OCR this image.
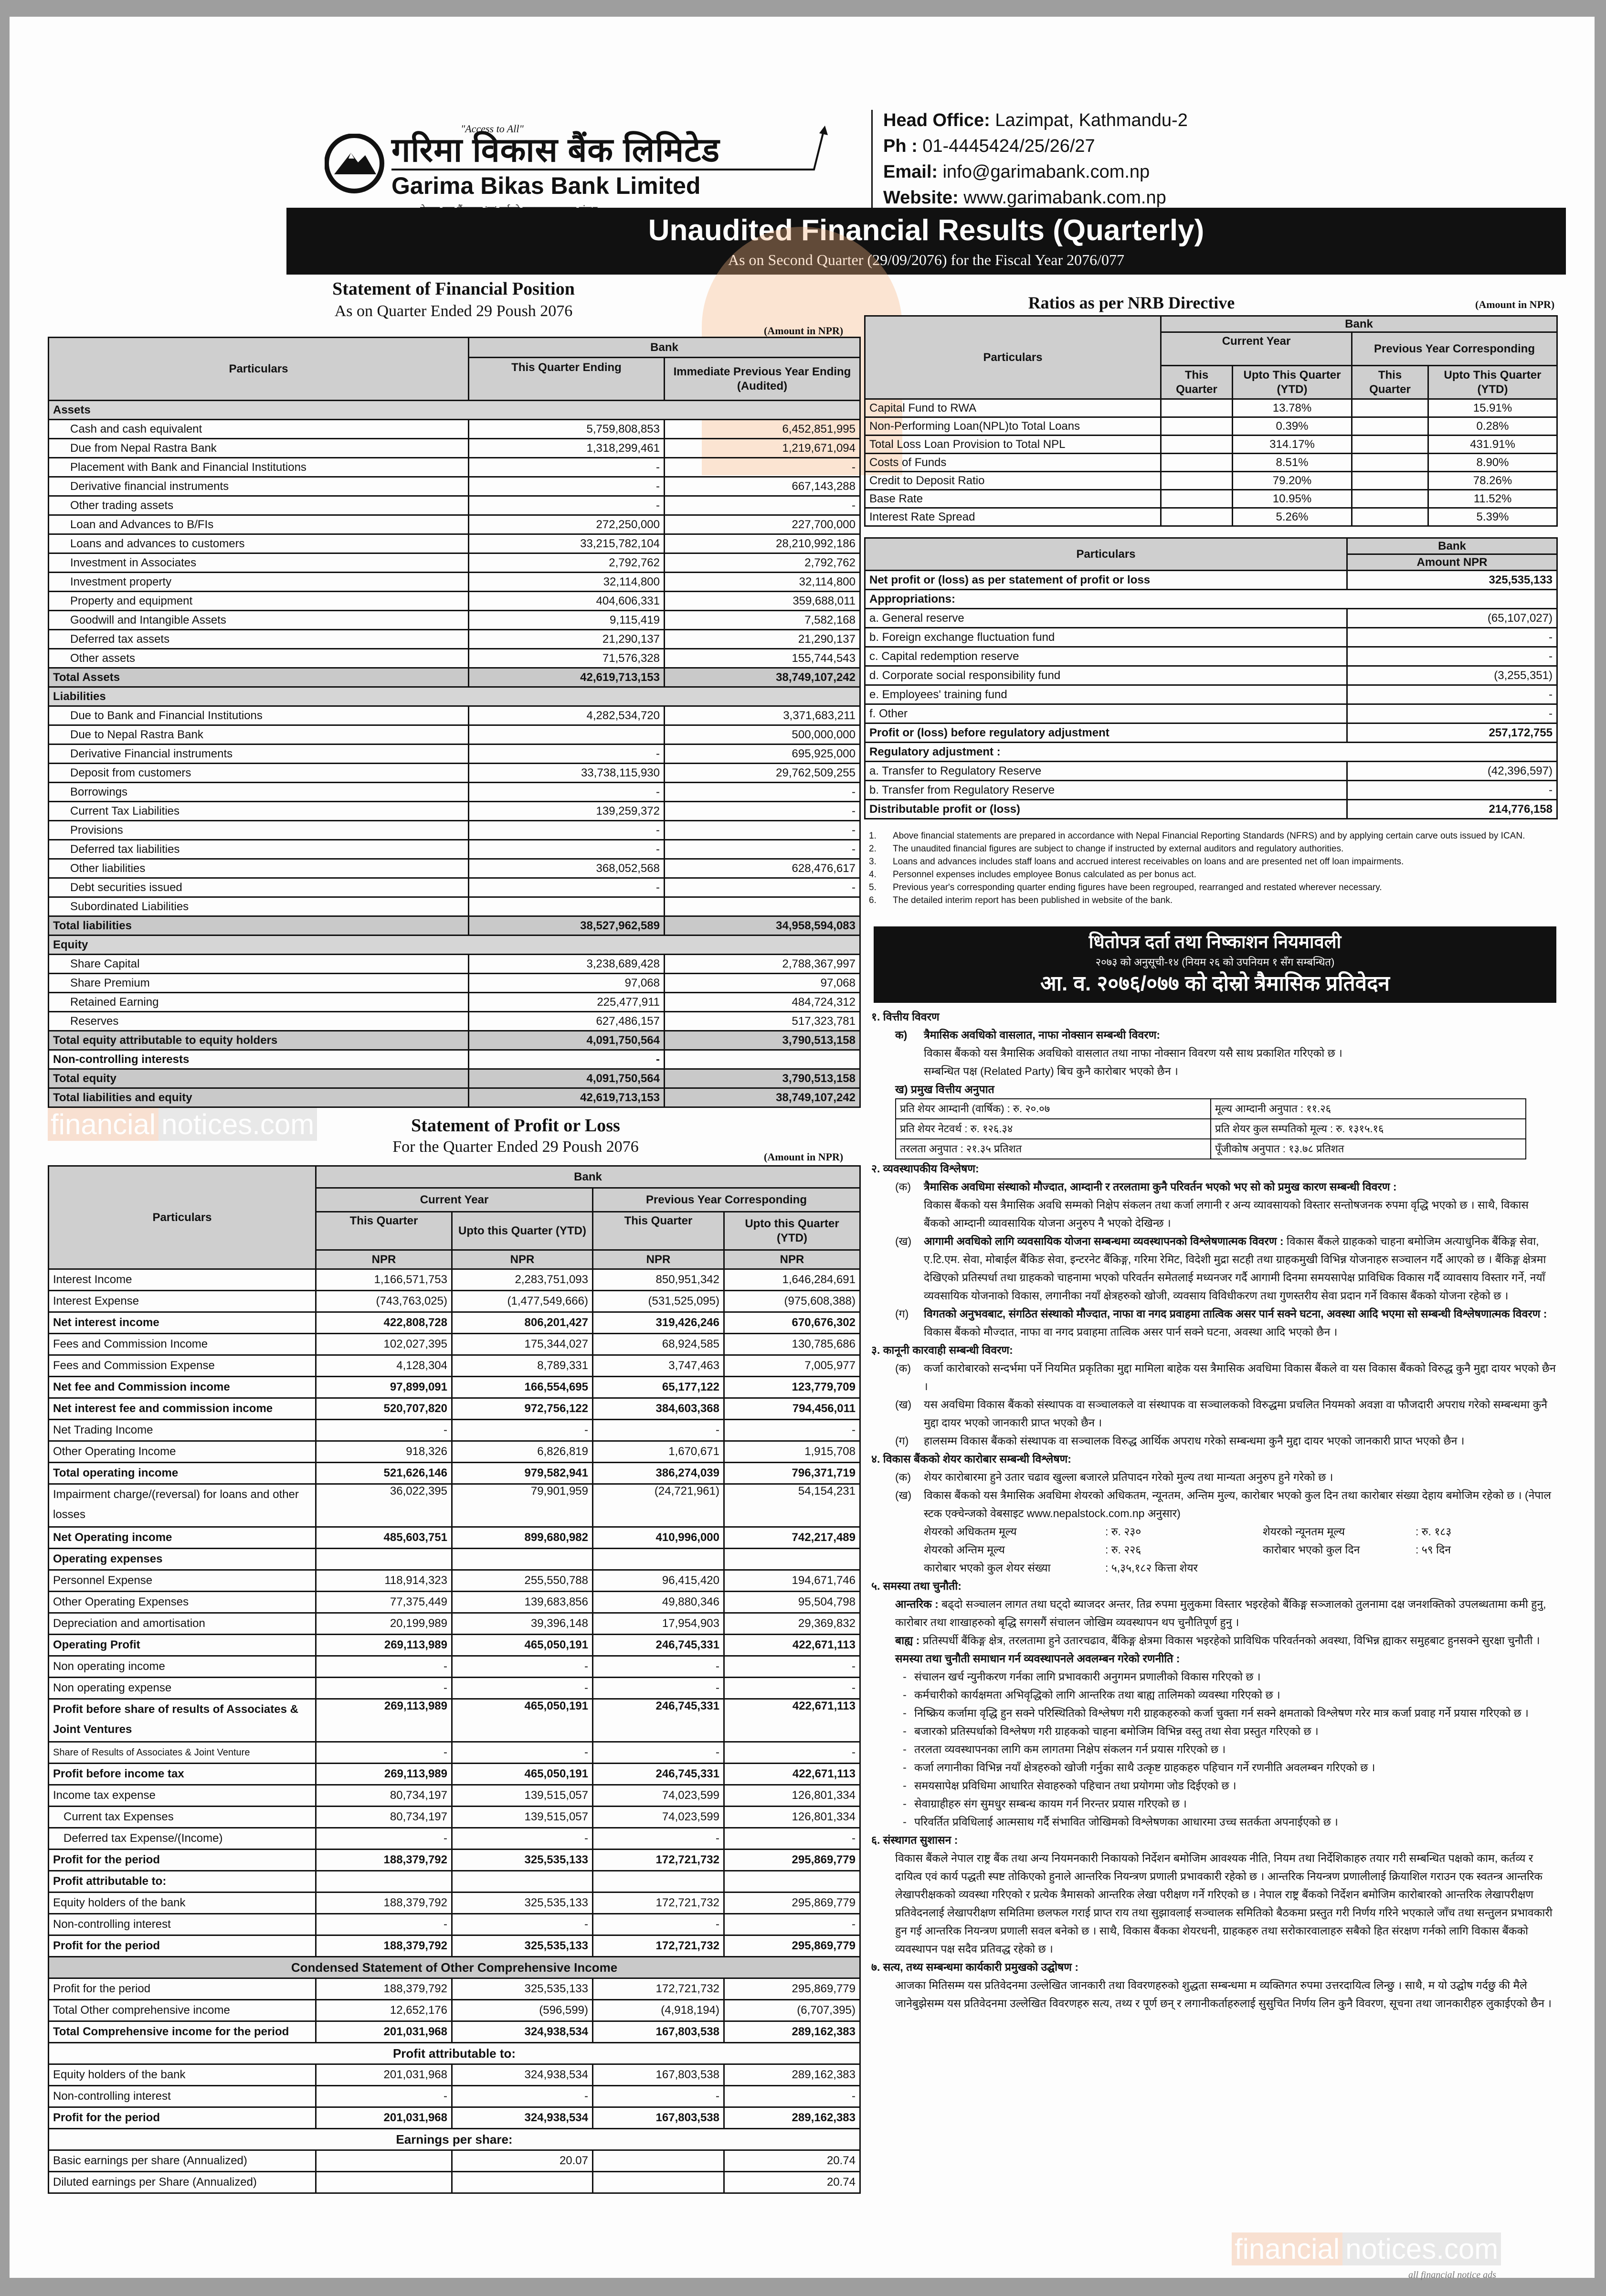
"Access to All"
गरिमा विकास बैंक लिमिटेड
Garima Bikas Bank Limited
Head Office: Lazimpat, Kathmandu-2
Ph : 01-4445424/25/26/27
Email: info@garimabank.com.np
Website: www.garimabank.com.np
Unaudited Financial Results (Quarterly)
As on Second Quarter (29/09/2076) for the Fiscal Year 2076/077
Statement of Financial Position
As on Quarter Ended 29 Poush 2076
(Amount in NPR)
Particulars	Bank
This Quarter Ending	Immediate Previous Year Ending (Audited)
Assets
Cash and cash equivalent	5,759,808,853	6,452,851,995
Due from Nepal Rastra Bank	1,318,299,461	1,219,671,094
Placement with Bank and Financial Institutions	-	-
Derivative financial instruments	-	667,143,288
Other trading assets	-	-
Loan and Advances to B/FIs	272,250,000	227,700,000
Loans and advances to customers	33,215,782,104	28,210,992,186
Investment in Associates	2,792,762	2,792,762
Investment property	32,114,800	32,114,800
Property and equipment	404,606,331	359,688,011
Goodwill and Intangible Assets	9,115,419	7,582,168
Deferred tax assets	21,290,137	21,290,137
Other assets	71,576,328	155,744,543
Total Assets	42,619,713,153	38,749,107,242
Liabilities
Due to Bank and Financial Institutions	4,282,534,720	3,371,683,211
Due to Nepal Rastra Bank		500,000,000
Derivative Financial instruments	-	695,925,000
Deposit from customers	33,738,115,930	29,762,509,255
Borrowings	-	-
Current Tax Liabilities	139,259,372	-
Provisions	-	-
Deferred tax liabilities	-	-
Other liabilities	368,052,568	628,476,617
Debt securities issued	-	-
Subordinated Liabilities		
Total liabilities	38,527,962,589	34,958,594,083
Equity
Share Capital	3,238,689,428	2,788,367,997
Share Premium	97,068	97,068
Retained Earning	225,477,911	484,724,312
Reserves	627,486,157	517,323,781
Total equity attributable to equity holders	4,091,750,564	3,790,513,158
Non-controlling interests	-	
Total equity	4,091,750,564	3,790,513,158
Total liabilities and equity	42,619,713,153	38,749,107,242
financial notices.com	Statement of Profit or Loss
For the Quarter Ended 29 Poush 2076
(Amount in NPR)
Particulars	Bank
Current Year	Previous Year Corresponding
This Quarter	Upto this Quarter (YTD)	This Quarter	Upto this Quarter (YTD)
NPR	NPR	NPR	NPR
Interest Income	1,166,571,753	2,283,751,093	850,951,342	1,646,284,691
Interest Expense	(743,763,025)	(1,477,549,666)	(531,525,095)	(975,608,388)
Net interest income	422,808,728	806,201,427	319,426,246	670,676,302
Fees and Commission Income	102,027,395	175,344,027	68,924,585	130,785,686
Fees and Commission Expense	4,128,304	8,789,331	3,747,463	7,005,977
Net fee and Commission income	97,899,091	166,554,695	65,177,122	123,779,709
Net interest fee and commission income	520,707,820	972,756,122	384,603,368	794,456,011
Net Trading Income	-	-	-	-
Other Operating Income	918,326	6,826,819	1,670,671	1,915,708
Total operating income	521,626,146	979,582,941	386,274,039	796,371,719
Impairment charge/(reversal) for loans and other losses	36,022,395	79,901,959	(24,721,961)	54,154,231
Net Operating income	485,603,751	899,680,982	410,996,000	742,217,489
Operating expenses				
Personnel Expense	118,914,323	255,550,788	96,415,420	194,671,746
Other Operating Expenses	77,375,449	139,683,856	49,880,346	95,504,798
Depreciation and amortisation	20,199,989	39,396,148	17,954,903	29,369,832
Operating Profit	269,113,989	465,050,191	246,745,331	422,671,113
Non operating income	-	-	-	-
Non operating expense	-	-	-	-
Profit before share of results of Associates & Joint Ventures	269,113,989	465,050,191	246,745,331	422,671,113
Share of Results of Associates & Joint Venture	-	-	-	-
Profit before income tax	269,113,989	465,050,191	246,745,331	422,671,113
Income tax expense	80,734,197	139,515,057	74,023,599	126,801,334
Current tax Expenses	80,734,197	139,515,057	74,023,599	126,801,334
Deferred tax Expense/(Income)	-	-	-	-
Profit for the period	188,379,792	325,535,133	172,721,732	295,869,779
Profit attributable to:				
Equity holders of the bank	188,379,792	325,535,133	172,721,732	295,869,779
Non-controlling interest	-	-	-	-
Profit for the period	188,379,792	325,535,133	172,721,732	295,869,779
Condensed Statement of Other Comprehensive Income
Profit for the period	188,379,792	325,535,133	172,721,732	295,869,779
Total Other comprehensive income	12,652,176	(596,599)	(4,918,194)	(6,707,395)
Total Comprehensive income for the period	201,031,968	324,938,534	167,803,538	289,162,383
Profit attributable to:
Equity holders of the bank	201,031,968	324,938,534	167,803,538	289,162,383
Non-controlling interest	-	-	-	-
Profit for the period	201,031,968	324,938,534	167,803,538	289,162,383
Earnings per share:
Basic earnings per share (Annualized)		20.07		20.74
Diluted earnings per Share (Annualized)				20.74
Ratios as per NRB Directive	(Amount in NPR)
Particulars	Bank
Current Year	Previous Year Corresponding
This Quarter	Upto This Quarter (YTD)	This Quarter	Upto This Quarter (YTD)
Capital Fund to RWA		13.78%		15.91%
Non-Performing Loan(NPL)to Total Loans		0.39%		0.28%
Total Loss Loan Provision to Total NPL		314.17%		431.91%
Costs of Funds		8.51%		8.90%
Credit to Deposit Ratio		79.20%		78.26%
Base Rate		10.95%		11.52%
Interest Rate Spread		5.26%		5.39%
Particulars	Bank
Amount NPR
Net profit or (loss) as per statement of profit or loss	325,535,133
Appropriations:
a. General reserve	(65,107,027)
b. Foreign exchange fluctuation fund	-
c. Capital redemption reserve	-
d. Corporate social responsibility fund	(3,255,351)
e. Employees' training fund	-
f. Other	-
Profit or (loss) before regulatory adjustment	257,172,755
Regulatory adjustment :
a. Transfer to Regulatory Reserve	(42,396,597)
b. Transfer from Regulatory Reserve	-
Distributable profit or (loss)	214,776,158
1.	Above financial statements are prepared in accordance with Nepal Financial Reporting Standards (NFRS) and by applying certain carve outs issued by ICAN.
2.	The unaudited financial figures are subject to change if instructed by external auditors and regulatory authorities.
3.	Loans and advances includes staff loans and accrued interest receivables on loans and are presented net off loan impairments.
4.	Personnel expenses includes employee Bonus calculated as per bonus act.
5.	Previous year's corresponding quarter ending figures have been regrouped, rearranged and restated wherever necessary.
6.	The detailed interim report has been published in website of the bank.
धितोपत्र दर्ता तथा निष्काशन नियमावली
२०७३ को अनुसूची-१४ (नियम २६ को उपनियम १ सँग सम्बन्धित)
आ. व. २०७६/०७७ को दोस्रो त्रैमासिक प्रतिवेदन
१. वित्तीय विवरण
क)	त्रैमासिक अवधिको वासलात, नाफा नोक्सान सम्बन्धी विवरण:
विकास बैंकको यस त्रैमासिक अवधिको वासलात तथा नाफा नोक्सान विवरण यसै साथ प्रकाशित गरिएको छ ।
सम्बन्धित पक्ष (Related Party) बिच कुनै कारोबार भएको छैन ।
ख) प्रमुख वित्तीय अनुपात
प्रति शेयर आम्दानी (वार्षिक) : रु. २०.०७	मूल्य आम्दानी अनुपात : ११.२६
प्रति शेयर नेटवर्थ : रु. १२६.३४	प्रति शेयर कुल सम्पतिको मूल्य : रु. १३१५.१६
तरलता अनुपात : २१.३५ प्रतिशत	पूँजीकोष अनुपात : १३.७८ प्रतिशत
२. व्यवस्थापकीय विश्लेषण:
(क)	त्रैमासिक अवधिमा संस्थाको मौज्दात, आम्दानी र तरलतामा कुनै परिवर्तन भएको भए सो को प्रमुख कारण सम्बन्धी विवरण :
विकास बैंकको यस त्रैमासिक अवधि सम्मको निक्षेप संकलन तथा कर्जा लगानी र अन्य व्यावसायको विस्तार सन्तोषजनक रुपमा वृद्धि भएको छ । साथै, विकास बैंकको आम्दानी व्यावसायिक योजना अनुरुप नै भएको देखिन्छ ।
(ख)	आगामी अवधिको लागि व्यवसायिक योजना सम्बन्धमा व्यवस्थापनको विश्लेषणात्मक विवरण : विकास बैंकले ग्राहकको चाहना बमोजिम अत्याधुनिक बैंकिङ्ग सेवा, ए.टि.एम. सेवा, मोबाईल बैंकिङ सेवा, इन्टरनेट बैंकिङ्ग, गरिमा रेमिट, विदेशी मुद्रा सटही तथा ग्राहकमुखी विभिन्न योजनाहरु सञ्चालन गर्दै आएको छ । बैंकिङ्ग क्षेत्रमा देखिएको प्रतिस्पर्धा तथा ग्राहकको चाहनामा भएको परिवर्तन समेतलाई मध्यनजर गर्दै आगामी दिनमा समयसापेक्ष प्राविधिक विकास गर्दै व्यावसाय विस्तार गर्ने, नयाँ व्यवसायिक योजनाको विकास, लगानीका नयाँ क्षेत्रहरुको खोजी, व्यवसाय विविधीकरण तथा गुणस्तरीय सेवा प्रदान गर्ने विकास बैंकको योजना रहेको छ ।
(ग)	विगतको अनुभवबाट, संगठित संस्थाको मौज्दात, नाफा वा नगद प्रवाहमा तात्विक असर पार्न सक्ने घटना, अवस्था आदि भएमा सो सम्बन्धी विश्लेषणात्मक विवरण : विकास बैंकको मौज्दात, नाफा वा नगद प्रवाहमा तात्विक असर पार्न सक्ने घटना, अवस्था आदि भएको छैन ।
३. कानूनी कारवाही सम्बन्धी विवरण:
(क)	कर्जा कारोबारको सन्दर्भमा पर्ने नियमित प्रकृतिका मुद्दा मामिला बाहेक यस त्रैमासिक अवधिमा विकास बैंकले वा यस विकास बैंकको विरुद्ध कुनै मुद्दा दायर भएको छैन ।
(ख)	यस अवधिमा विकास बैंकको संस्थापक वा सञ्चालकले वा संस्थापक वा सञ्चालकको विरुद्धमा प्रचलित नियमको अवज्ञा वा फौजदारी अपराध गरेको सम्बन्धमा कुनै मुद्दा दायर भएको जानकारी प्राप्त भएको छैन ।
(ग)	हालसम्म विकास बैंकको संस्थापक वा सञ्चालक विरुद्ध आर्थिक अपराध गरेको सम्बन्धमा कुनै मुद्दा दायर भएको जानकारी प्राप्त भएको छैन ।
४. विकास बैंकको शेयर कारोबार सम्बन्धी विश्लेषण:
(क)	शेयर कारोबारमा हुने उतार चढाव खुल्ला बजारले प्रतिपादन गरेको मुल्य तथा मान्यता अनुरुप हुने गरेको छ ।
(ख)	विकास बैंकको यस त्रैमासिक अवधिमा शेयरको अधिकतम, न्यूनतम, अन्तिम मुल्य, कारोबार भएको कुल दिन तथा कारोबार संख्या देहाय बमोजिम रहेको छ । (नेपाल स्टक एक्चेन्जको वेबसाइट www.nepalstock.com.np अनुसार)
शेयरको अधिकतम मूल्य	: रु. २३०	शेयरको न्यूनतम मूल्य	: रु. १८३
शेयरको अन्तिम मूल्य	: रु. २२६	कारोबार भएको कुल दिन	: ५९ दिन
कारोबार भएको कुल शेयर संख्या	: ५,३५,१८२ कित्ता शेयर
५. समस्या तथा चुनौती:
आन्तरिक : बढ्दो सञ्चालन लागत तथा घट्दो ब्याजदर अन्तर, तिव्र रुपमा मुलुकमा विस्तार भइरहेको बैंकिङ्ग सञ्जालको तुलनामा दक्ष जनशक्तिको उपलब्धतामा कमी हुनु, कारोबार तथा शाखाहरुको बृद्धि सगसगैं संचालन जोखिम व्यवस्थापन थप चुनौतिपूर्ण हुनु ।
बाह्य : प्रतिस्पर्धी बैंकिङ्ग क्षेत्र, तरलतामा हुने उतारचढाव, बैंकिङ्ग क्षेत्रमा विकास भइरहेको प्राविधिक परिवर्तनको अवस्था, विभिन्न ह्याकर समुहबाट हुनसक्ने सुरक्षा चुनौती ।
समस्या तथा चुनौती समाधान गर्न व्यवस्थापनले अवलम्बन गरेको रणनीति :
- संचालन खर्च न्युनीकरण गर्नका लागि प्रभावकारी अनुगमन प्रणालीको विकास गरिएको छ ।
- कर्मचारीको कार्यक्षमता अभिवृद्धिको लागि आन्तरिक तथा बाह्य तालिमको व्यवस्था गरिएको छ ।
- निष्क्रिय कर्जामा वृद्धि हुन सक्ने परिस्थितिको विश्लेषण गरी ग्राहकहरुको कर्जा चुक्ता गर्न सक्ने क्षमताको विश्लेषण गरेर मात्र कर्जा प्रवाह गर्ने प्रयास गरिएको छ ।
- बजारको प्रतिस्पर्धाको विश्लेषण गरी ग्राहकको चाहना बमोजिम विभिन्न वस्तु तथा सेवा प्रस्तुत गरिएको छ ।
- तरलता व्यवस्थापनका लागि कम लागतमा निक्षेप संकलन गर्न प्रयास गरिएको छ ।
- कर्जा लगानीका विभिन्न नयाँ क्षेत्रहरुको खोजी गर्नुका साथै उत्कृष्ट ग्राहकहरु पहिचान गर्ने रणनीति अवलम्बन गरिएको छ ।
- समयसापेक्ष प्रविधिमा आधारित सेवाहरुको पहिचान तथा प्रयोगमा जोड दिईएको छ ।
- सेवाग्राहीहरु संग सुमधुर सम्बन्ध कायम गर्न निरन्तर प्रयास गरिएको छ ।
- परिवर्तित प्रविधिलाई आत्मसाथ गर्दै संभावित जोखिमको विश्लेषणका आधारमा उच्च सतर्कता अपनाईएको छ ।
६. संस्थागत सुशासन :
विकास बैंकले नेपाल राष्ट्र बैंक तथा अन्य नियमनकारी निकायको निर्देशन बमोजिम आवश्यक नीति, नियम तथा निर्देशिकाहरु तयार गरी सम्बन्धित पक्षको काम, कर्तव्य र दायित्व एवं कार्य पद्धती स्पष्ट तोकिएको हुनाले आन्तरिक नियन्त्रण प्रणाली प्रभावकारी रहेको छ । आन्तरिक नियन्त्रण प्रणालीलाई क्रियाशिल गराउन एक स्वतन्त्र आन्तरिक लेखापरीक्षकको व्यवस्था गरिएको र प्रत्येक त्रैमासको आन्तरिक लेखा परीक्षण गर्ने गरिएको छ । नेपाल राष्ट्र बैंकको निर्देशन बमोजिम कारोबारको आन्तरिक लेखापरीक्षण प्रतिवेदनलाई लेखापरीक्षण समितिमा छलफल गराई प्राप्त राय तथा सुझावलाई सञ्चालक समितिको बैठकमा प्रस्तुत गरी निर्णय गरिने भएकाले जाँच तथा सन्तुलन प्रभावकारी हुन गई आन्तरिक नियन्त्रण प्रणाली सवल बनेको छ । साथै, विकास बैंकका शेयरधनी, ग्राहकहरु तथा सरोकारवालाहरु सबैको हित संरक्षण गर्नको लागि विकास बैंकको व्यवस्थापन पक्ष सदैव प्रतिवद्ध रहेको छ ।
७. सत्य, तथ्य सम्बन्धमा कार्यकारी प्रमुखको उद्घोषण :
आजका मितिसम्म यस प्रतिवेदनमा उल्लेखित जानकारी तथा विवरणहरुको शुद्धता सम्बन्धमा म व्यक्तिगत रुपमा उत्तरदायित्व लिन्छु । साथै, म यो उद्घोष गर्दछु की मैले जानेबुझेसम्म यस प्रतिवेदनमा उल्लेखित विवरणहरु सत्य, तथ्य र पूर्ण छन् र लगानीकर्ताहरुलाई सुसुचित निर्णय लिन कुनै विवरण, सूचना तथा जानकारीहरु लुकाईएको छैन ।
financial notices.com
all financial notice ads
